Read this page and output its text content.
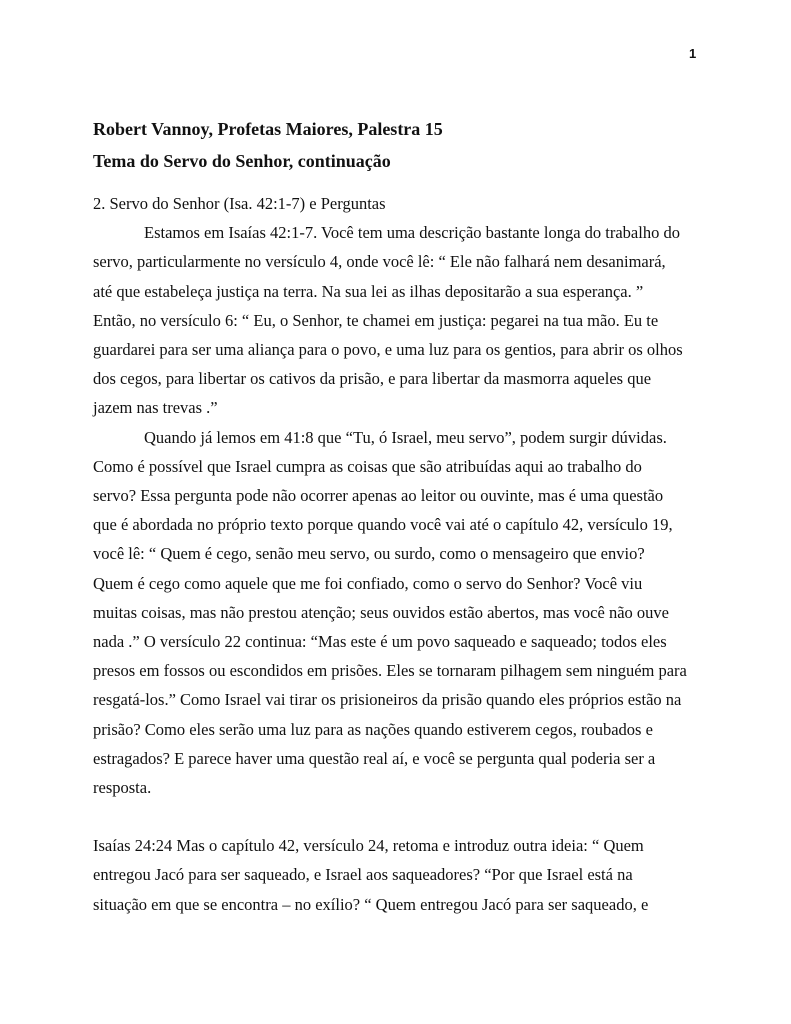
1
Robert Vannoy, Profetas Maiores, Palestra 15
Tema do Servo do Senhor, continuação

2. Servo do Senhor (Isa. 42:1-7) e Perguntas

Estamos em Isaías 42:1-7. Você tem uma descrição bastante longa do trabalho do

servo, particularmente no versículo 4, onde você lê: “ Ele não falhará nem desanimará,

até que estabeleça justiça na terra. Na sua lei as ilhas depositarão a sua esperança. ”

Então, no versículo 6: “ Eu, o Senhor, te chamei em justiça: pegarei na tua mão. Eu te

guardarei para ser uma aliança para o povo, e uma luz para os gentios, para abrir os olhos

dos cegos, para libertar os cativos da prisão, e para libertar da masmorra aqueles que

jazem nas trevas .”

Quando já lemos em 41:8 que “Tu, ó Israel, meu servo”, podem surgir dúvidas.

Como é possível que Israel cumpra as coisas que são atribuídas aqui ao trabalho do

servo? Essa pergunta pode não ocorrer apenas ao leitor ou ouvinte, mas é uma questão

que é abordada no próprio texto porque quando você vai até o capítulo 42, versículo 19,

você lê: “ Quem é cego, senão meu servo, ou surdo, como o mensageiro que envio?

Quem é cego como aquele que me foi confiado, como o servo do Senhor? Você viu

muitas coisas, mas não prestou atenção; seus ouvidos estão abertos, mas você não ouve

nada .” O versículo 22 continua: “Mas este é um povo saqueado e saqueado; todos eles

presos em fossos ou escondidos em prisões. Eles se tornaram pilhagem sem ninguém para

resgatá-los.” Como Israel vai tirar os prisioneiros da prisão quando eles próprios estão na

prisão? Como eles serão uma luz para as nações quando estiverem cegos, roubados e

estragados? E parece haver uma questão real aí, e você se pergunta qual poderia ser a

resposta.

Isaías 24:24 Mas o capítulo 42, versículo 24, retoma e introduz outra ideia: “ Quem

entregou Jacó para ser saqueado, e Israel aos saqueadores? “Por que Israel está na

situação em que se encontra – no exílio? “ Quem entregou Jacó para ser saqueado, e
